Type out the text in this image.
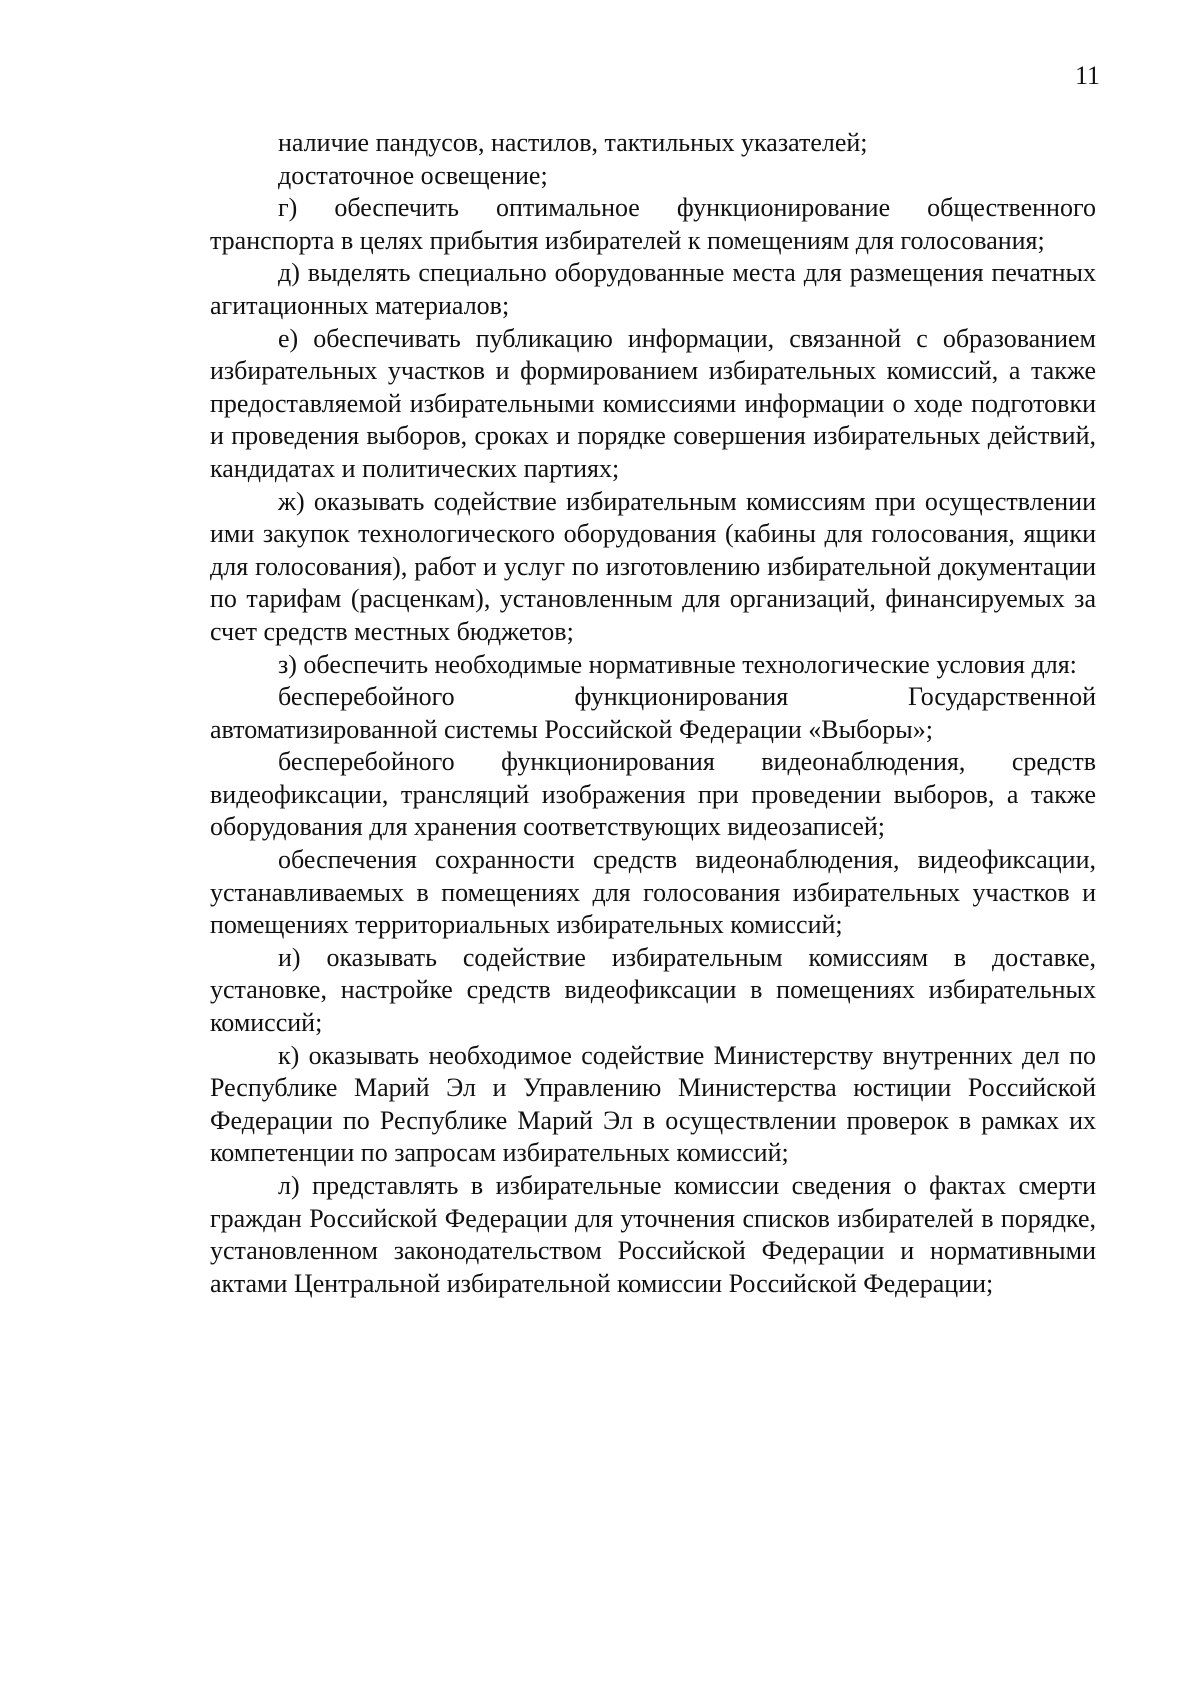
11

наличие пандусов, настилов, тактильных указателей;

достаточное освещение;

г) обеспечить оптимальное функционирование общественного транспорта в целях прибытия избирателей к помещениям для голосования;

д) выделять специально оборудованные места для размещения печатных агитационных материалов;

е) обеспечивать публикацию информации, связанной с образованием избирательных участков и формированием избирательных комиссий, а также предоставляемой избирательными комиссиями информации о ходе подготовки и проведения выборов, сроках и порядке совершения избирательных действий, кандидатах и политических партиях;

ж) оказывать содействие избирательным комиссиям при осуществлении ими закупок технологического оборудования (кабины для голосования, ящики для голосования), работ и услуг по изготовлению избирательной документации по тарифам (расценкам), установленным для организаций, финансируемых за счет средств местных бюджетов;

з) обеспечить необходимые нормативные технологические условия для:

бесперебойного функционирования Государственной автоматизированной системы Российской Федерации «Выборы»;

бесперебойного функционирования видеонаблюдения, средств видеофиксации, трансляций изображения при проведении выборов, а также оборудования для хранения соответствующих видеозаписей;

обеспечения сохранности средств видеонаблюдения, видеофиксации, устанавливаемых в помещениях для голосования избирательных участков и помещениях территориальных избирательных комиссий;

и) оказывать содействие избирательным комиссиям в доставке, установке, настройке средств видеофиксации в помещениях избирательных комиссий;

к) оказывать необходимое содействие Министерству внутренних дел по Республике Марий Эл и Управлению Министерства юстиции Российской Федерации по Республике Марий Эл в осуществлении проверок в рамках их компетенции по запросам избирательных комиссий;

л) представлять в избирательные комиссии сведения о фактах смерти граждан Российской Федерации для уточнения списков избирателей в порядке, установленном законодательством Российской Федерации и нормативными актами Центральной избирательной комиссии Российской Федерации;
